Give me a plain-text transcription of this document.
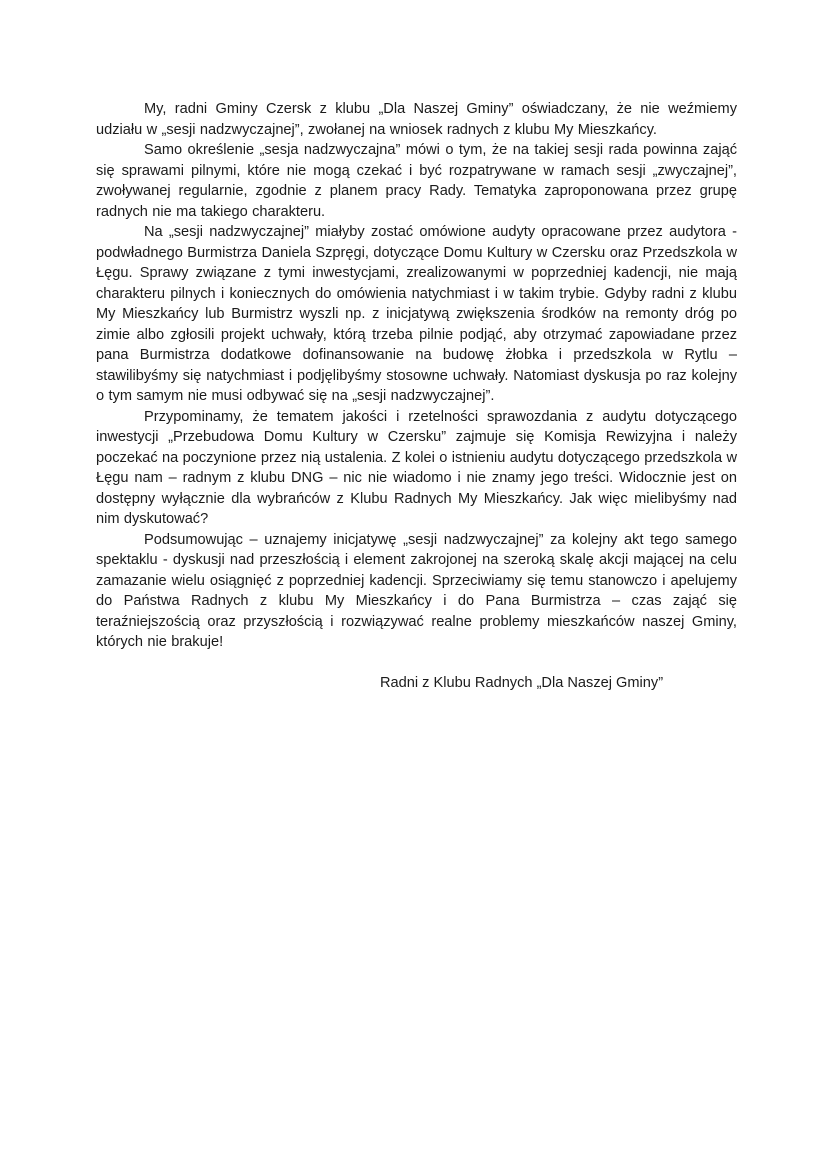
My, radni Gminy Czersk z klubu „Dla Naszej Gminy” oświadczany, że nie weźmiemy udziału w „sesji nadzwyczajnej”, zwołanej na wniosek radnych z klubu My Mieszkańcy.

Samo określenie „sesja nadzwyczajna” mówi o tym, że na takiej sesji rada powinna zająć się sprawami pilnymi, które nie mogą czekać i być rozpatrywane w ramach sesji „zwyczajnej”, zwoływanej regularnie, zgodnie z planem pracy Rady. Tematyka zaproponowana przez grupę radnych nie ma takiego charakteru.

Na „sesji nadzwyczajnej” miałyby zostać omówione audyty opracowane przez audytora - podwładnego Burmistrza Daniela Szpręgi, dotyczące Domu Kultury w Czersku oraz Przedszkola w Łęgu. Sprawy związane z tymi inwestycjami, zrealizowanymi w poprzedniej kadencji, nie mają charakteru pilnych i koniecznych do omówienia natychmiast i w takim trybie. Gdyby radni z klubu My Mieszkańcy lub Burmistrz wyszli np. z inicjatywą zwiększenia środków na remonty dróg po zimie albo zgłosili projekt uchwały, którą trzeba pilnie podjąć, aby otrzymać zapowiadane przez pana Burmistrza dodatkowe dofinansowanie na budowę żłobka i przedszkola w Rytlu – stawilibyśmy się natychmiast i podjęlibyśmy stosowne uchwały. Natomiast dyskusja po raz kolejny o tym samym nie musi odbywać się na „sesji nadzwyczajnej”.

Przypominamy, że tematem jakości i rzetelności sprawozdania z audytu dotyczącego inwestycji „Przebudowa Domu Kultury w Czersku” zajmuje się Komisja Rewizyjna i należy poczekać na poczynione przez nią ustalenia. Z kolei o istnieniu audytu dotyczącego przedszkola w Łęgu nam – radnym z klubu DNG – nic nie wiadomo i nie znamy jego treści. Widocznie jest on dostępny wyłącznie dla wybrańców z Klubu Radnych My Mieszkańcy. Jak więc mielibyśmy nad nim dyskutować?

Podsumowując – uznajemy inicjatywę „sesji nadzwyczajnej” za kolejny akt tego samego spektaklu - dyskusji nad przeszłością i element zakrojonej na szeroką skalę akcji mającej na celu zamazanie wielu osiągnięć z poprzedniej kadencji. Sprzeciwiamy się temu stanowczo i apelujemy do Państwa Radnych z klubu My Mieszkańcy i do Pana Burmistrza – czas zająć się teraźniejszością oraz przyszłością i rozwiązywać realne problemy mieszkańców naszej Gminy, których nie brakuje!

Radni z Klubu Radnych „Dla Naszej Gminy”
